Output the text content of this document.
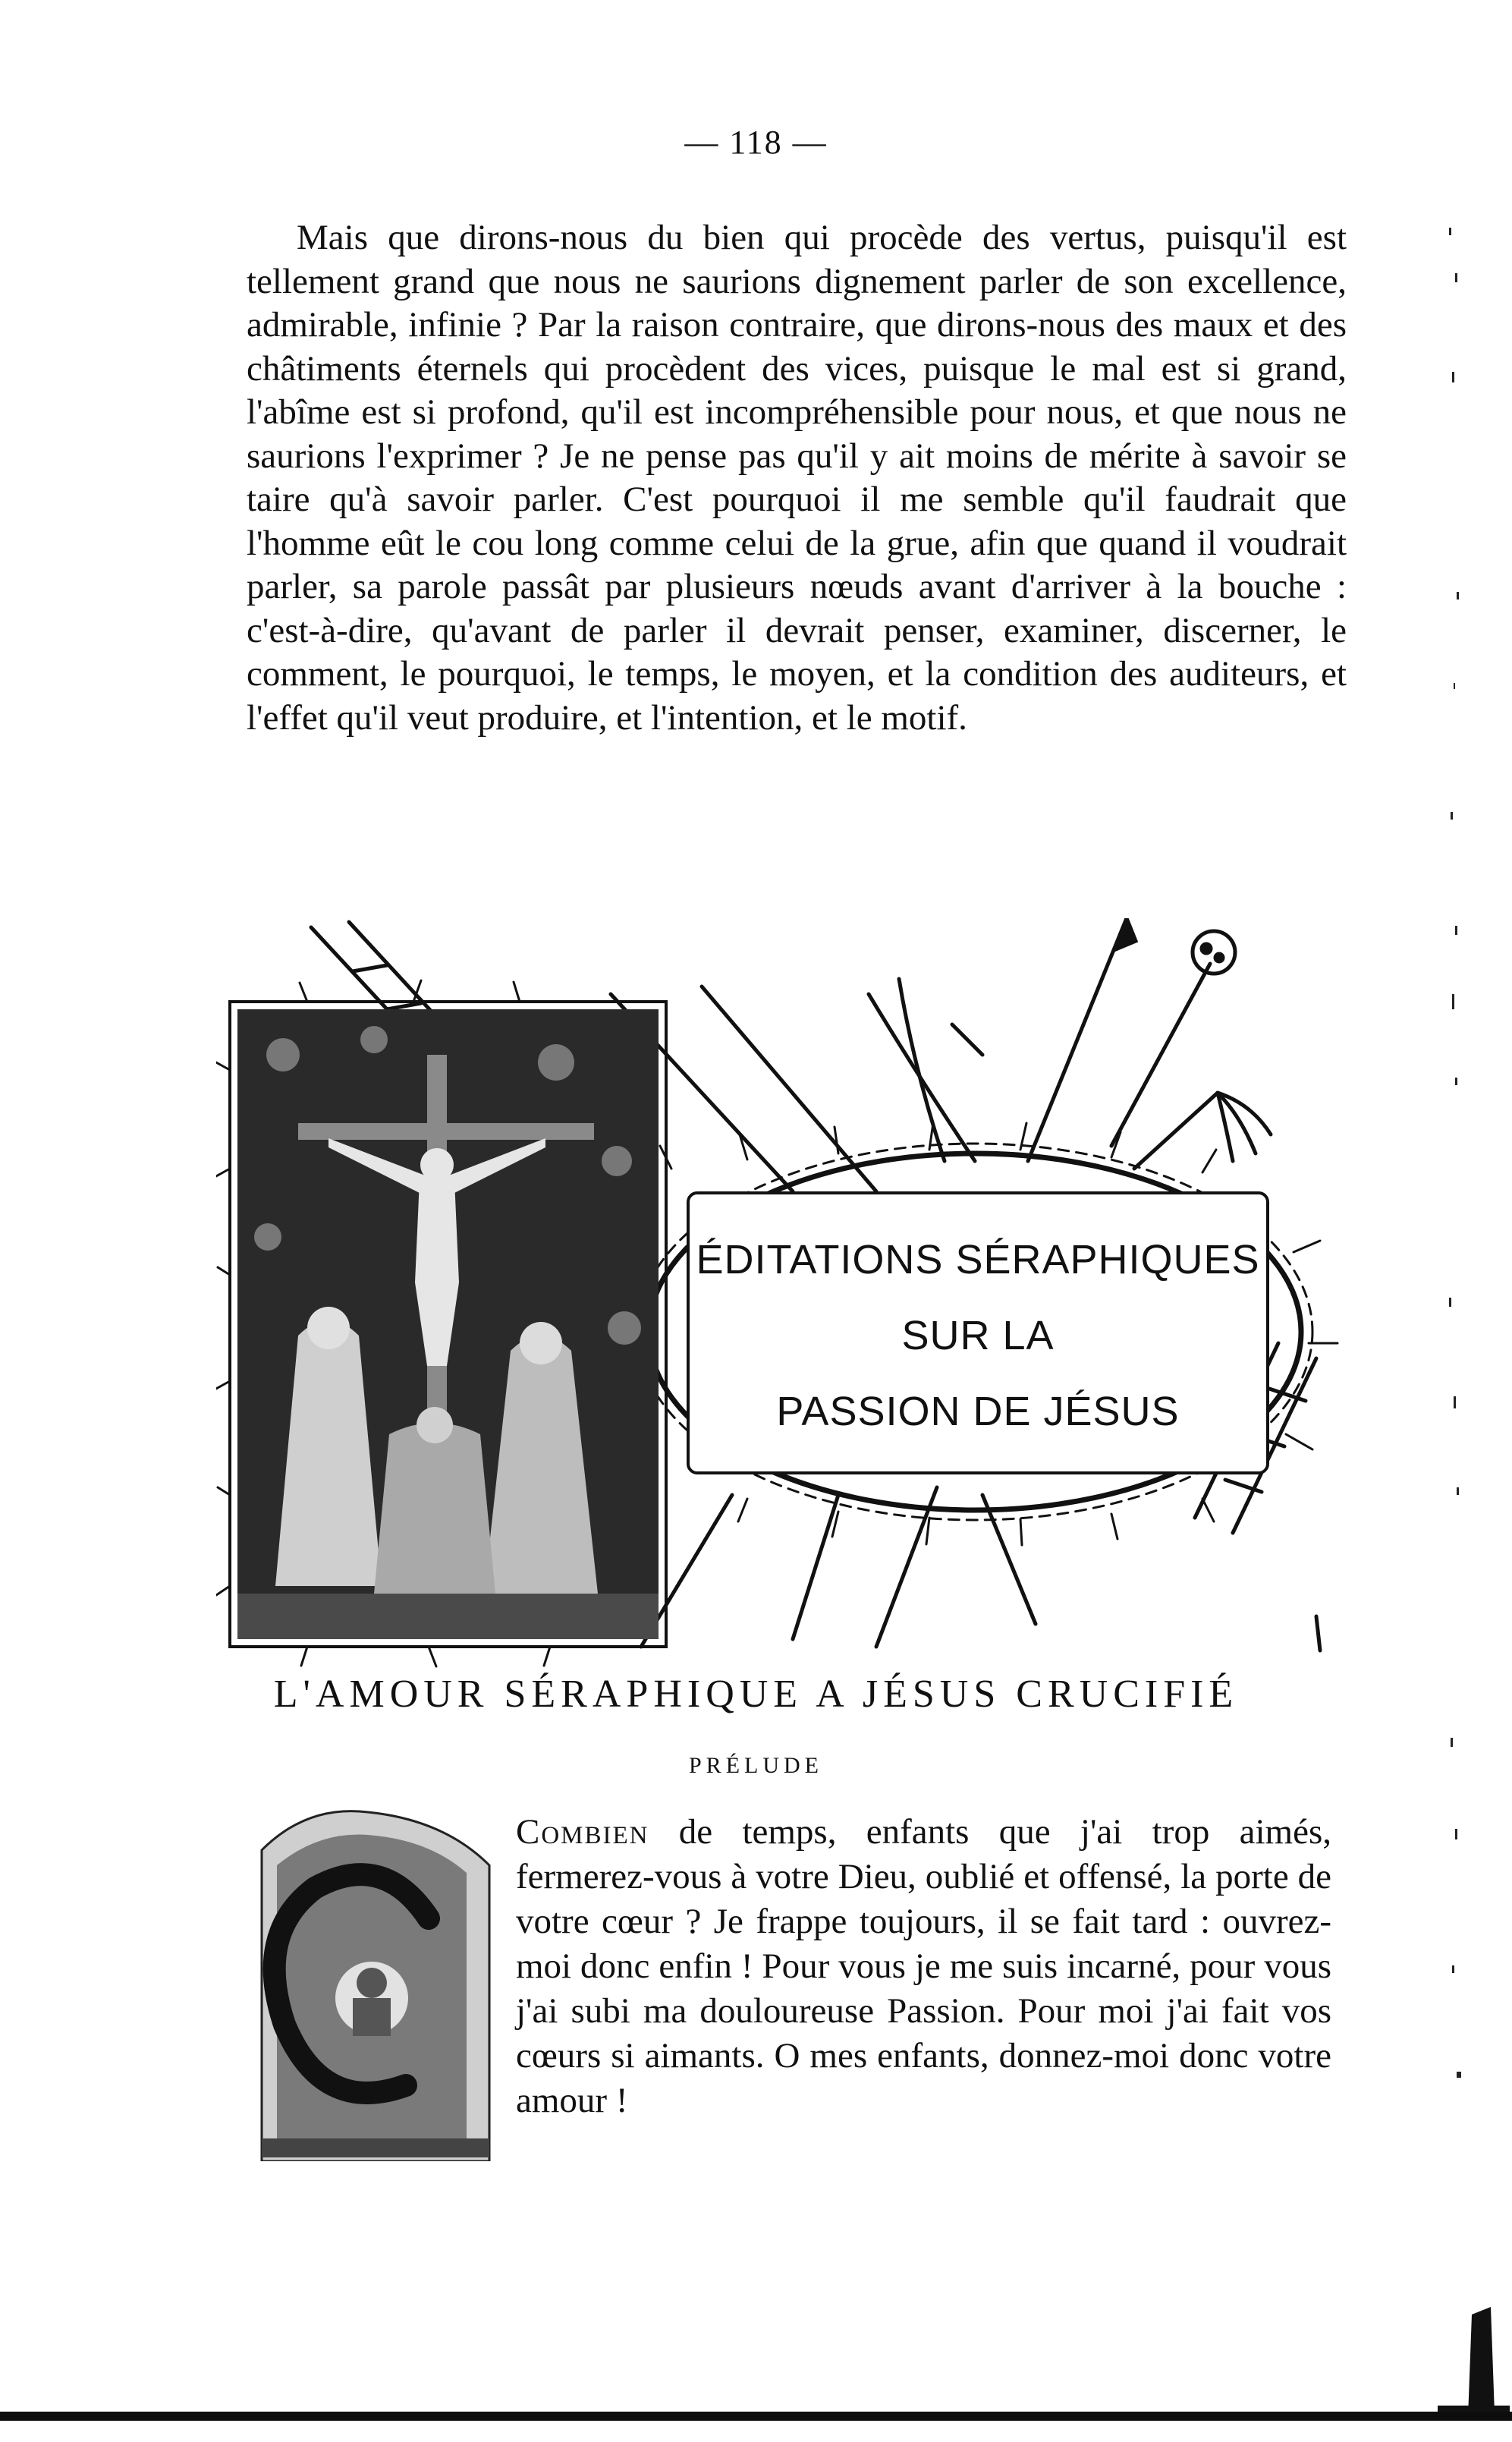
— 118 —

Mais que dirons-nous du bien qui procède des vertus, puisqu'il est tellement grand que nous ne saurions dignement parler de son excellence, admirable, infinie ? Par la raison contraire, que dirons-nous des maux et des châtiments éternels qui procèdent des vices, puisque le mal est si grand, l'abîme est si profond, qu'il est incompréhensible pour nous, et que nous ne saurions l'exprimer ? Je ne pense pas qu'il y ait moins de mérite à savoir se taire qu'à savoir parler. C'est pourquoi il me semble qu'il faudrait que l'homme eût le cou long comme celui de la grue, afin que quand il voudrait parler, sa parole passât par plusieurs nœuds avant d'arriver à la bouche : c'est-à-dire, qu'avant de parler il devrait penser, examiner, discerner, le comment, le pourquoi, le temps, le moyen, et la condition des auditeurs, et l'effet qu'il veut produire, et l'intention, et le motif.

ÉDITATIONS SÉRAPHIQUES
SUR LA
PASSION DE JÉSUS
L'AMOUR SÉRAPHIQUE A JÉSUS CRUCIFIÉ
PRÉLUDE

Combien de temps, enfants que j'ai trop aimés, fermerez-vous à votre Dieu, oublié et offensé, la porte de votre cœur ? Je frappe toujours, il se fait tard : ouvrez-moi donc enfin ! Pour vous je me suis incarné, pour vous j'ai subi ma douloureuse Passion. Pour moi j'ai fait vos cœurs si aimants. O mes enfants, donnez-moi donc votre amour !
